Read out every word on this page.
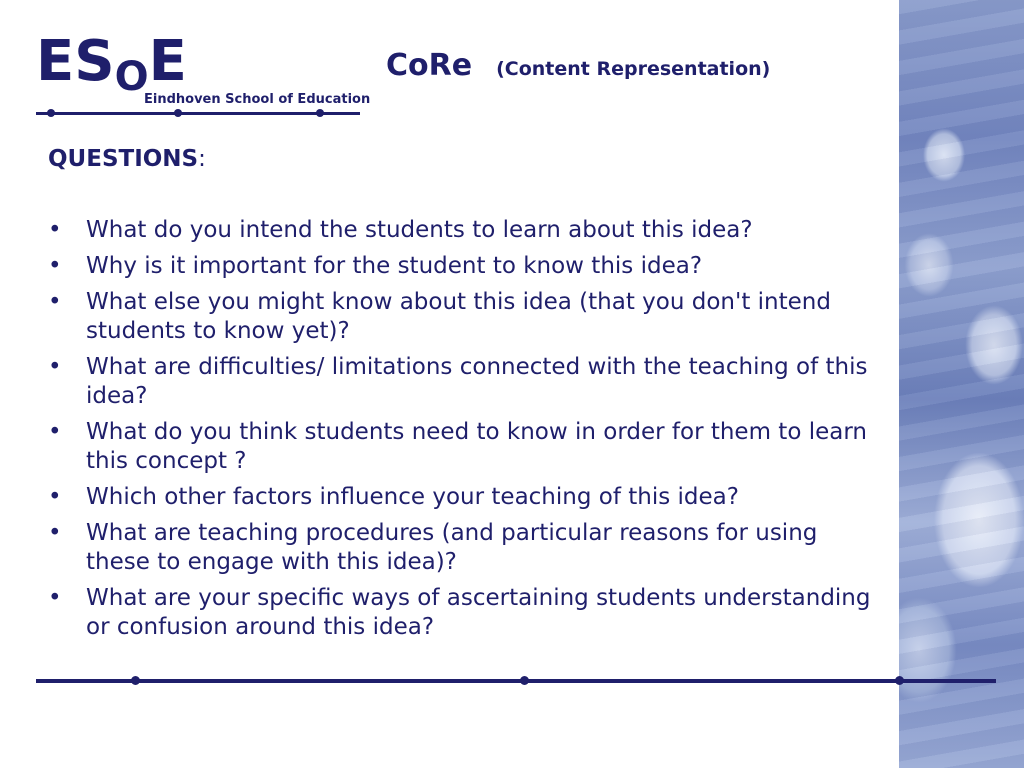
ESOE
Eindhoven School of Education
CoRe (Content Representation)
QUESTIONS:
• What do you intend the students to learn about this idea?
• Why is it important for the student to know this idea?
• What else you might know about this idea (that you don't intend students to know yet)?
• What are difficulties/ limitations connected with the teaching of this idea?
• What do you think students need to know in order for them to learn this concept ?
• Which other factors influence your teaching of this idea?
• What are teaching procedures (and particular reasons for using these to engage with this idea)?
• What are your specific ways of ascertaining students understanding or confusion around this idea?
